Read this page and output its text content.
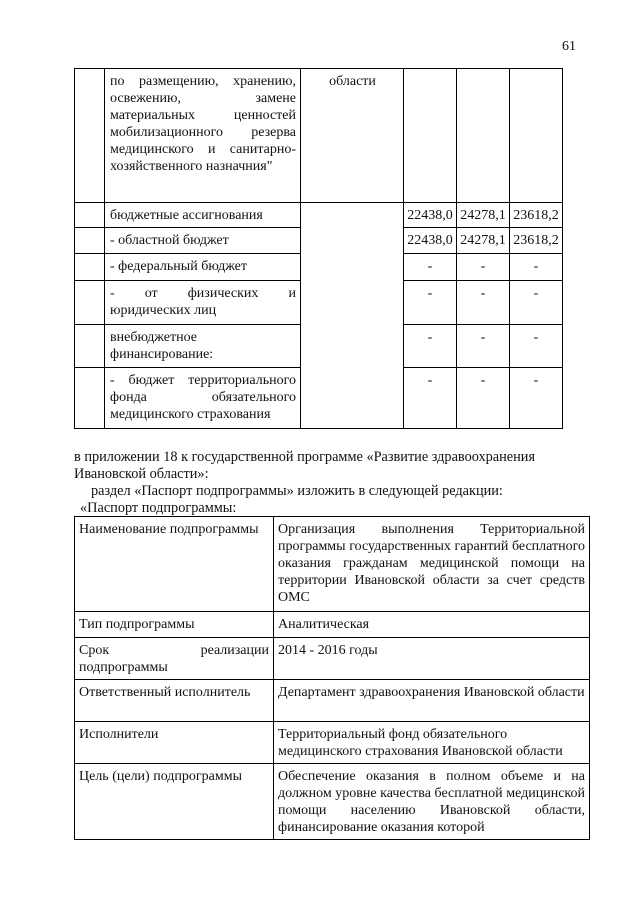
61
	по размещению, хранению, освежению, замене материальных ценностей мобилизационного резерва медицинского и санитарно-хозяйственного назначния"	области			
	бюджетные ассигнования		22438,0	24278,1	23618,2
	- областной бюджет		22438,0	24278,1	23618,2
	- федеральный бюджет		-	-	-
	- от физических и юридических лиц		-	-	-
	внебюджетное финансирование:		-	-	-
	- бюджет территориального фонда обязательного медицинского страхования		-	-	-
в приложении 18 к государственной программе «Развитие здравоохранения Ивановской области»:
раздел «Паспорт подпрограммы» изложить в следующей редакции:
«Паспорт подпрограммы:
Наименование подпрограммы	Организация выполнения Территориальной программы государственных гарантий бесплатного оказания гражданам медицинской помощи на территории Ивановской области за счет средств ОМС
Тип подпрограммы	Аналитическая
Срок реализации подпрограммы	2014 - 2016 годы
Ответственный исполнитель	Департамент здравоохранения Ивановской области
Исполнители	Территориальный фонд обязательного медицинского страхования Ивановской области
Цель (цели) подпрограммы	Обеспечение оказания в полном объеме и на должном уровне качества бесплатной медицинской помощи населению Ивановской области, финансирование оказания которой
